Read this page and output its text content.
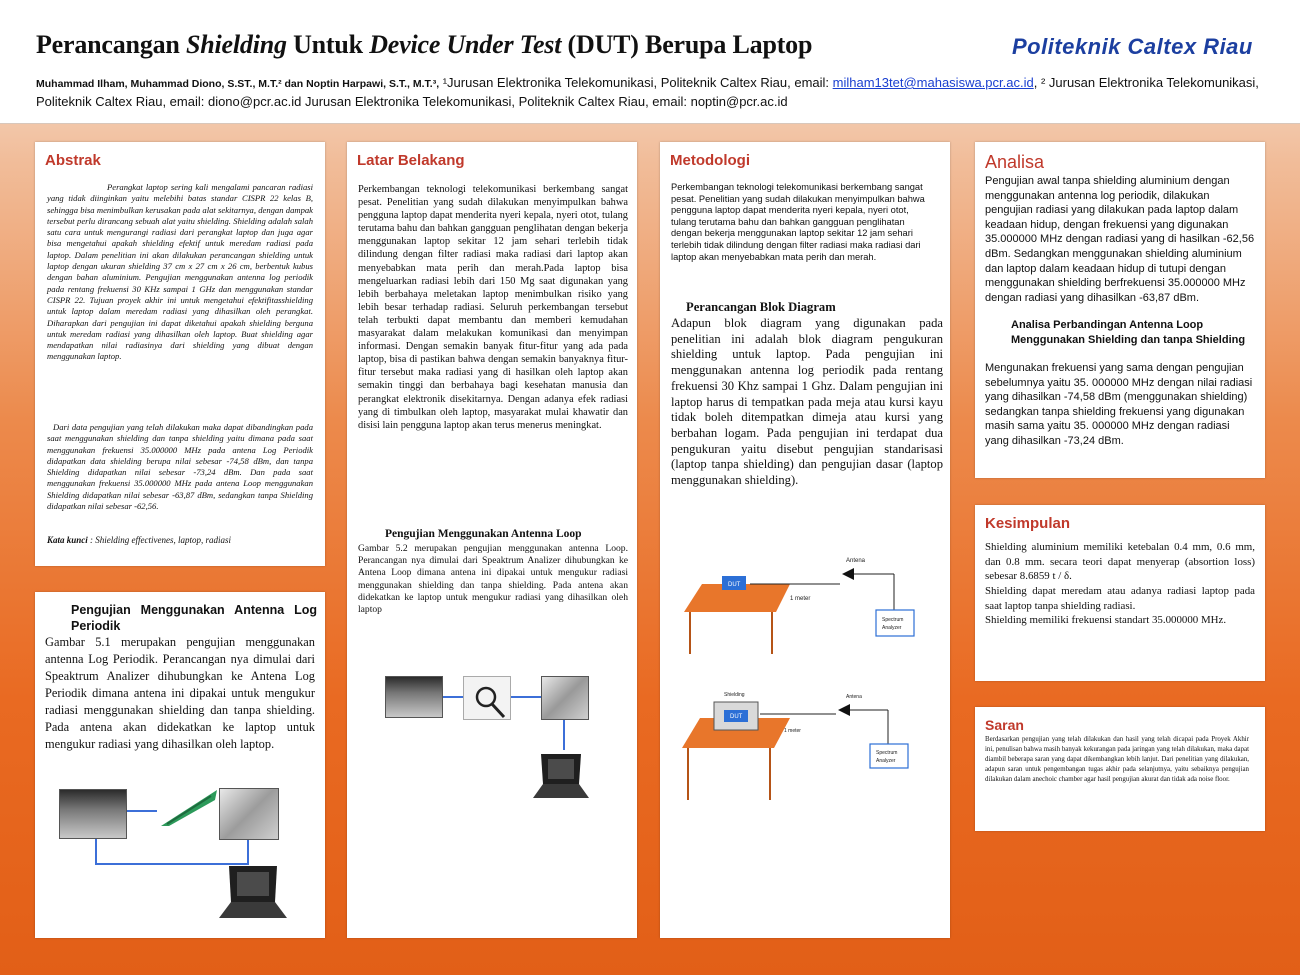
Perancangan Shielding Untuk Device Under Test (DUT) Berupa Laptop	Politeknik Caltex Riau
Muhammad Ilham, Muhammad Diono, S.ST., M.T.² dan Noptin Harpawi, S.T., M.T.³, ¹Jurusan Elektronika Telekomunikasi, Politeknik Caltex Riau, email: milham13tet@mahasiswa.pcr.ac.id, ² Jurusan Elektronika Telekomunikasi, Politeknik Caltex Riau, email: diono@pcr.ac.id Jurusan Elektronika Telekomunikasi, Politeknik Caltex Riau, email: noptin@pcr.ac.id
Abstrak
Perangkat laptop sering kali mengalami pancaran radiasi yang tidak diinginkan yaitu melebihi batas standar CISPR 22 kelas B, sehingga bisa menimbulkan kerusakan pada alat sekitarnya, dengan dampak tersebut perlu dirancang sebuah alat yaitu shielding. Shielding adalah salah satu cara untuk mengurangi radiasi dari perangkat laptop dan juga agar bisa mengetahui apakah shielding efektif untuk meredam radiasi pada laptop. Dalam penelitian ini akan dilakukan perancangan shielding untuk laptop dengan ukuran shielding 37 cm x 27 cm x 26 cm, berbentuk kubus dengan bahan aluminium. Pengujian menggunakan antenna log periodik pada rentang frekuensi 30 KHz sampai 1 GHz dan menggunakan standar CISPR 22. Tujuan proyek akhir ini untuk mengetahui efektifitasshielding untuk laptop dalam meredam radiasi yang dihasilkan oleh perangkat. Diharapkan dari pengujian ini dapat diketahui apakah shielding berguna untuk meredam radiasi yang dihasilkan oleh laptop. Buat shielding agar mendapatkan nilai radiasinya dari shielding yang dibuat dengan menggunakan laptop.
Dari data pengujian yang telah dilakukan maka dapat dibandingkan pada saat menggunakan shielding dan tanpa shielding yaitu dimana pada saat menggunakan frekuensi 35.000000 MHz pada antena Log Periodik didapatkan data shielding berupa nilai sebesar -74,58 dBm, dan tanpa Shielding didapatkan nilai sebesar -73,24 dBm. Dan pada saat menggunakan frekuensi 35.000000 MHz pada antena Loop menggunakan Shielding didapatkan nilai sebesar -63,87 dBm, sedangkan tanpa Shielding didapatkan nilai sebesar -62,56.
Kata kunci : Shielding effectivenes, laptop, radiasi
Pengujian Menggunakan Antenna Log Periodik
Gambar 5.1 merupakan pengujian menggunakan antenna Log Periodik. Perancangan nya dimulai dari Speaktrum Analizer dihubungkan ke Antena Log Periodik dimana antena ini dipakai untuk mengukur radiasi menggunakan shielding dan tanpa shielding. Pada antena akan didekatkan ke laptop untuk mengukur radiasi yang dihasilkan oleh laptop.
Latar Belakang
Perkembangan teknologi telekomunikasi berkembang sangat pesat. Penelitian yang sudah dilakukan menyimpulkan bahwa pengguna laptop dapat menderita nyeri kepala, nyeri otot, tulang terutama bahu dan bahkan gangguan penglihatan dengan bekerja menggunakan laptop sekitar 12 jam sehari terlebih tidak dilindung dengan filter radiasi maka radiasi dari laptop akan menyebabkan mata perih dan merah.Pada laptop bisa mengeluarkan radiasi lebih dari 150 Mg saat digunakan yang lebih berbahaya meletakan laptop menimbulkan risiko yang lebih besar terhadap radiasi. Seluruh perkembangan tersebut telah terbukti dapat membantu dan memberi kemudahan masyarakat dalam melakukan komunikasi dan menyimpan informasi. Dengan semakin banyak fitur-fitur yang ada pada laptop, bisa di pastikan bahwa dengan semakin banyaknya fitur-fitur tersebut maka radiasi yang di hasilkan oleh laptop akan semakin tinggi dan berbahaya bagi kesehatan manusia dan perangkat elektronik disekitarnya. Dengan adanya efek radiasi yang di timbulkan oleh laptop, masyarakat mulai khawatir dan disisi lain pengguna laptop akan terus menerus meningkat.
Pengujian Menggunakan Antenna Loop
Gambar 5.2 merupakan pengujian menggunakan antenna Loop. Perancangan nya dimulai dari Speaktrum Analizer dihubungkan ke Antena Loop dimana antena ini dipakai untuk mengukur radiasi menggunakan shielding dan tanpa shielding. Pada antena akan didekatkan ke laptop untuk mengukur radiasi yang dihasilkan oleh laptop
Metodologi
Perkembangan teknologi telekomunikasi berkembang sangat pesat. Penelitian yang sudah dilakukan menyimpulkan bahwa pengguna laptop dapat menderita nyeri kepala, nyeri otot, tulang terutama bahu dan bahkan gangguan penglihatan dengan bekerja menggunakan laptop sekitar 12 jam sehari terlebih tidak dilindung dengan filter radiasi maka radiasi dari laptop akan menyebabkan mata perih dan merah.
Perancangan Blok Diagram
Adapun blok diagram yang digunakan pada penelitian ini adalah blok diagram pengukuran shielding untuk laptop. Pada pengujian ini menggunakan antenna log periodik pada rentang frekuensi 30 Khz sampai 1 Ghz. Dalam pengujian ini laptop harus di tempatkan pada meja atau kursi kayu tidak boleh ditempatkan dimeja atau kursi yang berbahan logam. Pada pengujian ini terdapat dua pengukuran yaitu disebut pengujian standarisasi (laptop tanpa shielding) dan pengujian dasar (laptop menggunakan shielding).
DUT
1 meter
Antena
Spectrum
Analyzer
Shielding
DUT
1 meter
Antena
Spectrum
Analyzer
Analisa
Pengujian awal tanpa shielding aluminium dengan menggunakan antenna log periodik, dilakukan pengujian radiasi yang dilakukan pada laptop dalam keadaan hidup, dengan frekuensi yang digunakan 35.000000 MHz dengan radiasi yang di hasilkan -62,56 dBm. Sedangkan menggunakan shielding aluminium dan laptop dalam keadaan hidup di tutupi dengan menggunakan shielding berfrekuensi 35.000000 MHz dengan radiasi yang dihasilkan -63,87 dBm.
Analisa Perbandingan Antenna Loop Menggunakan Shielding dan tanpa Shielding
Mengunakan frekuensi yang sama dengan pengujian sebelumnya yaitu 35. 000000 MHz dengan nilai radiasi yang dihasilkan -74,58 dBm (menggunakan shielding) sedangkan tanpa shielding frekuensi yang digunakan masih sama yaitu 35. 000000 MHz dengan radiasi yang dihasilkan -73,24 dBm.
Kesimpulan
Shielding aluminium memiliki ketebalan 0.4 mm, 0.6 mm, dan 0.8 mm. secara teori dapat menyerap (absortion loss) sebesar 8.6859 t / δ.
Shielding dapat meredam atau adanya radiasi laptop pada saat laptop tanpa shielding radiasi.
Shielding memiliki frekuensi standart 35.000000 MHz.
Saran
Berdasarkan pengujian yang telah dilakukan dan hasil yang telah dicapai pada Proyek Akhir ini, penulisan bahwa masih banyak kekurangan pada jaringan yang telah dilakukan, maka dapat diambil beberapa saran yang dapat dikembangkan lebih lanjut. Dari penelitian yang dilakukan, adapun saran untuk pengembangan tugas akhir pada selanjutnya, yaitu sebaiknya pengujian dilakukan dalam anechoic chamber agar hasil pengujian akurat dan tidak ada noise floor.
